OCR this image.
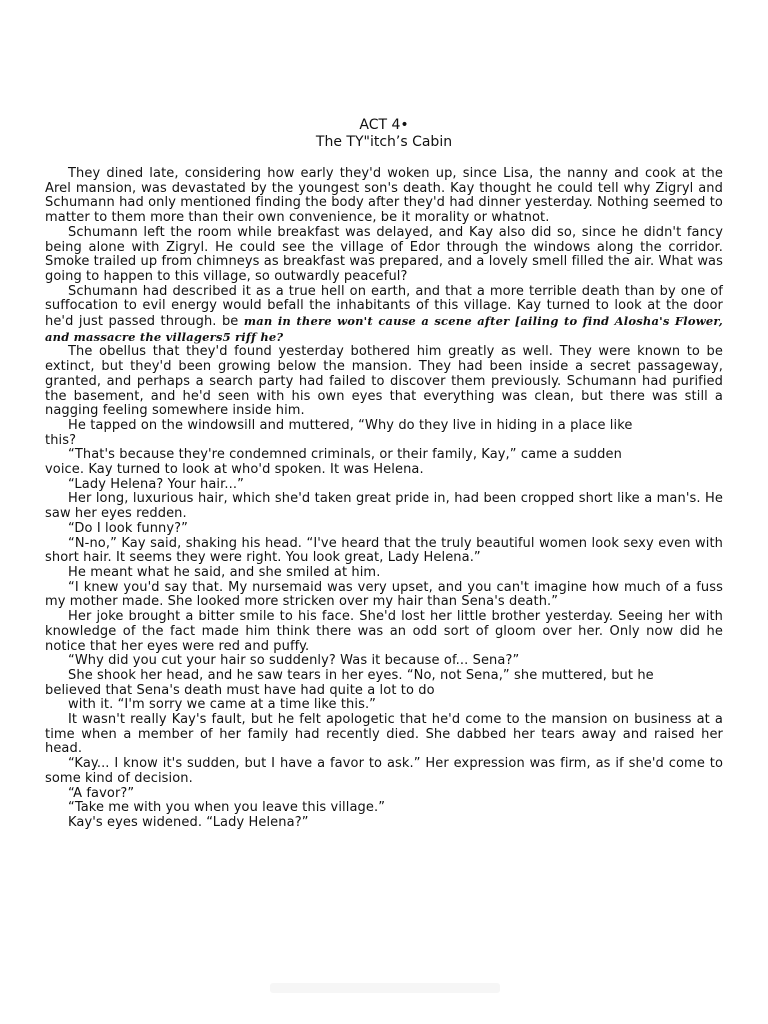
ACT 4•
The TY"itch’s Cabin

They dined late, considering how early they'd woken up, since Lisa, the nanny and cook at the Arel mansion, was devastated by the youngest son's death. Kay thought he could tell why Zigryl and Schumann had only mentioned finding the body after they'd had dinner yesterday. Nothing seemed to matter to them more than their own convenience, be it morality or whatnot.

Schumann left the room while breakfast was delayed, and Kay also did so, since he didn't fancy being alone with Zigryl. He could see the village of Edor through the windows along the corridor. Smoke trailed up from chimneys as breakfast was prepared, and a lovely smell filled the air. What was going to happen to this village, so outwardly peaceful?

Schumann had described it as a true hell on earth, and that a more terrible death than by one of suffocation to evil energy would befall the inhabitants of this village. Kay turned to look at the door he'd just passed through. be man in there won't cause a scene after [ailing to find Alosha's Flower, and massacre the villagers5 riff he?

The obellus that they'd found yesterday bothered him greatly as well. They were known to be extinct, but they'd been growing below the mansion. They had been inside a secret passageway, granted, and perhaps a search party had failed to discover them previously. Schumann had purified the basement, and he'd seen with his own eyes that everything was clean, but there was still a nagging feeling somewhere inside him.

He tapped on the windowsill and muttered, “Why do they live in hiding in a place like

this?

“That's because they're condemned criminals, or their family, Kay,” came a sudden

voice. Kay turned to look at who'd spoken. It was Helena.

“Lady Helena? Your hair...”

Her long, luxurious hair, which she'd taken great pride in, had been cropped short like a man's. He saw her eyes redden.

“Do I look funny?”

“N-no,” Kay said, shaking his head. “I've heard that the truly beautiful women look sexy even with short hair. It seems they were right. You look great, Lady Helena.”

He meant what he said, and she smiled at him.

“I knew you'd say that. My nursemaid was very upset, and you can't imagine how much of a fuss my mother made. She looked more stricken over my hair than Sena's death.”

Her joke brought a bitter smile to his face. She'd lost her little brother yesterday. Seeing her with knowledge of the fact made him think there was an odd sort of gloom over her. Only now did he notice that her eyes were red and puffy.

“Why did you cut your hair so suddenly? Was it because of... Sena?”

She shook her head, and he saw tears in her eyes. “No, not Sena,” she muttered, but he

believed that Sena's death must have had quite a lot to do

with it. “I'm sorry we came at a time like this.”

It wasn't really Kay's fault, but he felt apologetic that he'd come to the mansion on business at a time when a member of her family had recently died. She dabbed her tears away and raised her head.

“Kay... I know it's sudden, but I have a favor to ask.” Her expression was firm, as if she'd come to some kind of decision.

“A favor?”

“Take me with you when you leave this village.”

Kay's eyes widened. “Lady Helena?”
